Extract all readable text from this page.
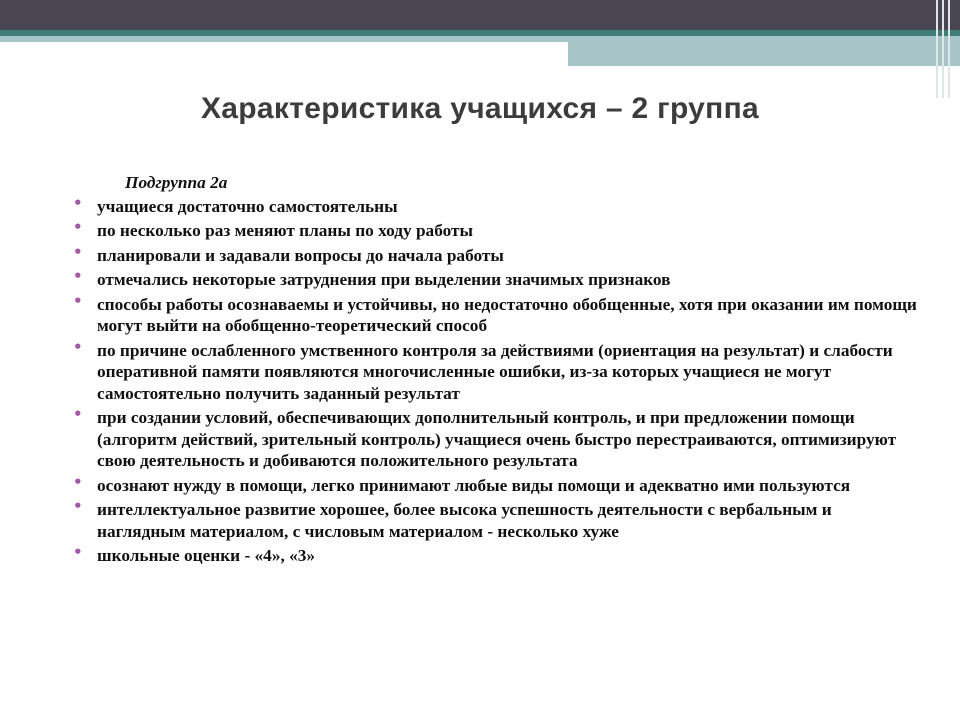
Характеристика учащихся – 2 группа
Подгруппа 2а
• учащиеся достаточно самостоятельны
• по несколько раз меняют планы по ходу работы
• планировали и задавали вопросы до начала работы
• отмечались некоторые затруднения при выделении значимых признаков
• способы работы осознаваемы и устойчивы, но недостаточно обобщенные, хотя при оказании им помощи могут выйти на обобщенно-теоретический способ
• по причине ослабленного умственного контроля за действиями (ориентация на результат) и слабости оперативной памяти появляются многочисленные ошибки, из-за которых учащиеся не могут самостоятельно получить заданный результат
• при создании условий, обеспечивающих дополнительный контроль, и при предложении помощи (алгоритм действий, зрительный контроль) учащиеся очень быстро перестраиваются, оптимизируют свою деятельность и добиваются положительного результата
• осознают нужду в помощи, легко принимают любые виды помощи и адекватно ими пользуются
• интеллектуальное развитие хорошее, более высока успешность деятельности с вербальным и наглядным материалом, с числовым материалом - несколько хуже
• школьные оценки - «4», «3»
